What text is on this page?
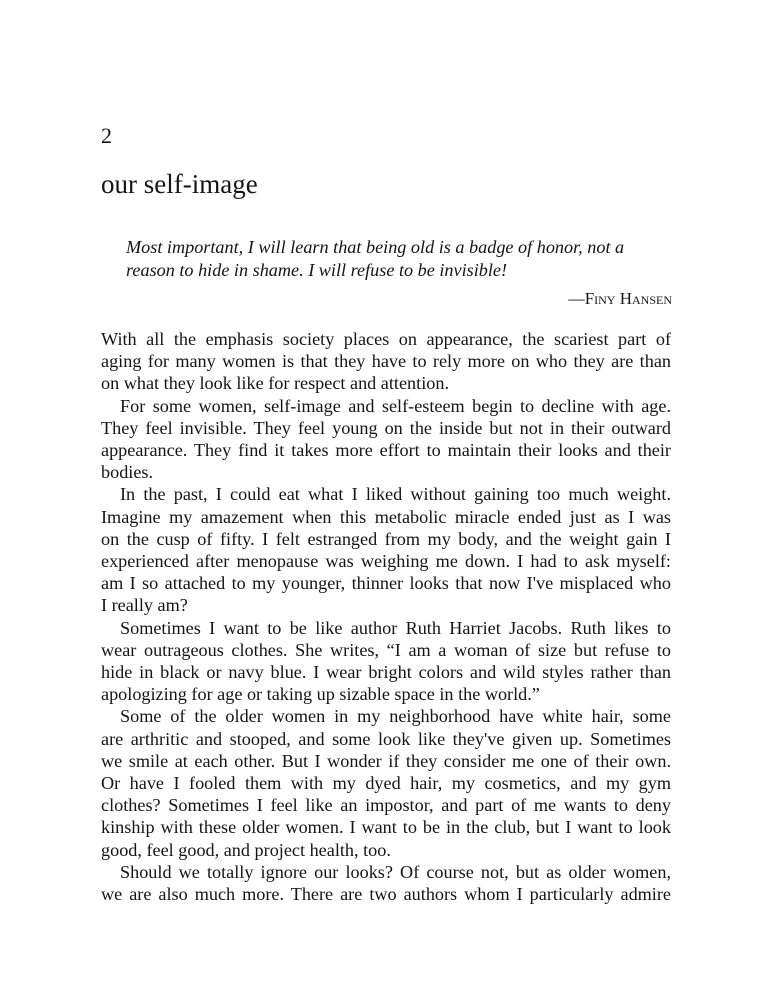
2
our self-image

Most important, I will learn that being old is a badge of honor, not a
reason to hide in shame. I will refuse to be invisible!

—Finy Hansen

With all the emphasis society places on appearance, the scariest part of
aging for many women is that they have to rely more on who they are than
on what they look like for respect and attention.

For some women, self-image and self-esteem begin to decline with age.
They feel invisible. They feel young on the inside but not in their outward
appearance. They find it takes more effort to maintain their looks and their
bodies.

In the past, I could eat what I liked without gaining too much weight.
Imagine my amazement when this metabolic miracle ended just as I was
on the cusp of fifty. I felt estranged from my body, and the weight gain I
experienced after menopause was weighing me down. I had to ask myself:
am I so attached to my younger, thinner looks that now I've misplaced who
I really am?

Sometimes I want to be like author Ruth Harriet Jacobs. Ruth likes to
wear outrageous clothes. She writes, “I am a woman of size but refuse to
hide in black or navy blue. I wear bright colors and wild styles rather than
apologizing for age or taking up sizable space in the world.”

Some of the older women in my neighborhood have white hair, some
are arthritic and stooped, and some look like they've given up. Sometimes
we smile at each other. But I wonder if they consider me one of their own.
Or have I fooled them with my dyed hair, my cosmetics, and my gym
clothes? Sometimes I feel like an impostor, and part of me wants to deny
kinship with these older women. I want to be in the club, but I want to look
good, feel good, and project health, too.

Should we totally ignore our looks? Of course not, but as older women,
we are also much more. There are two authors whom I particularly admire
